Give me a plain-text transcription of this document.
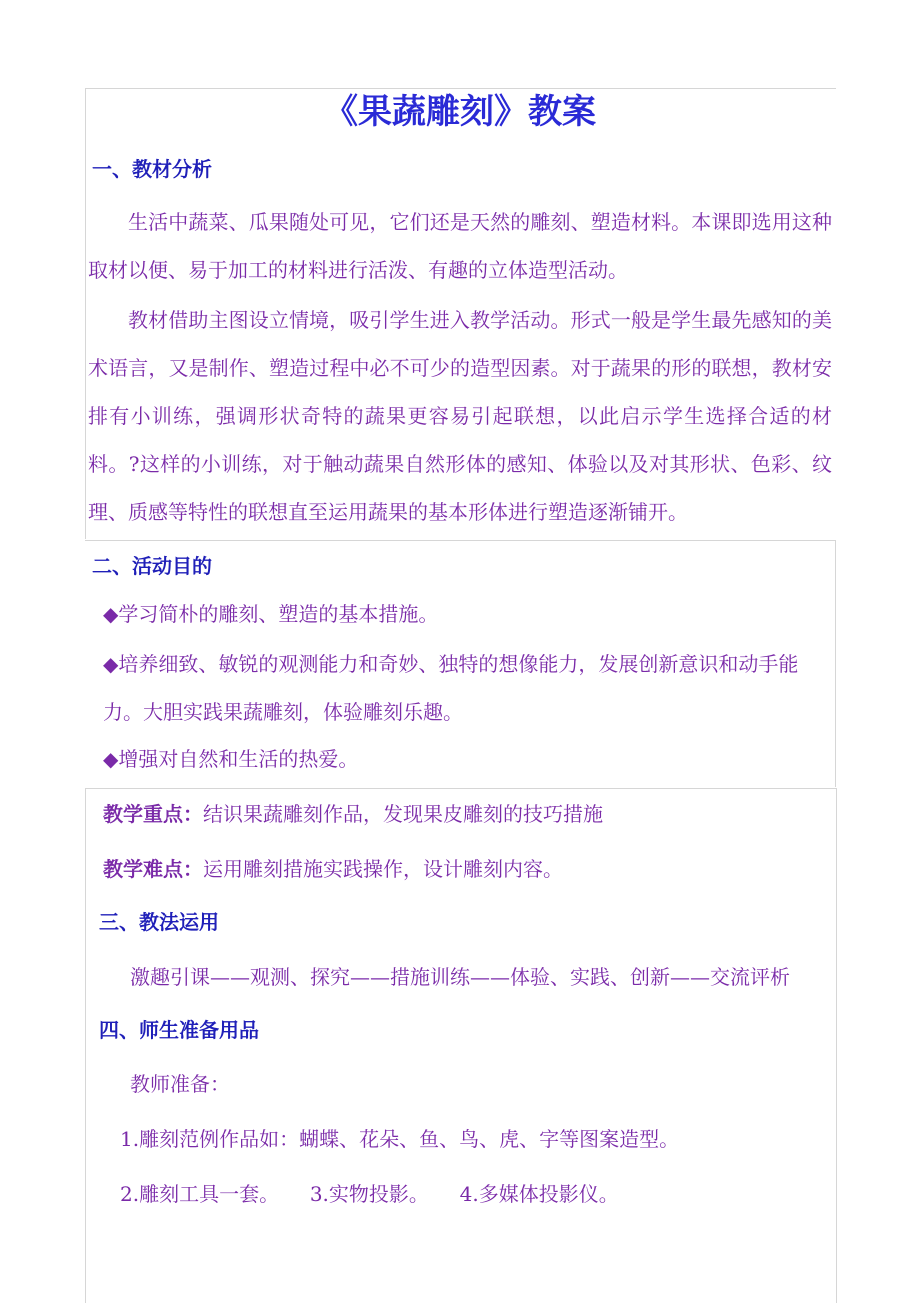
《果蔬雕刻》教案
一、教材分析

生活中蔬菜、瓜果随处可见，它们还是天然的雕刻、塑造材料。本课即选用这种取材以便、易于加工的材料进行活泼、有趣的立体造型活动。

教材借助主图设立情境，吸引学生进入教学活动。形式一般是学生最先感知的美术语言，又是制作、塑造过程中必不可少的造型因素。对于蔬果的形的联想，教材安排有小训练，强调形状奇特的蔬果更容易引起联想，以此启示学生选择合适的材料。?这样的小训练，对于触动蔬果自然形体的感知、体验以及对其形状、色彩、纹理、质感等特性的联想直至运用蔬果的基本形体进行塑造逐渐铺开。

二、活动目的
◆学习简朴的雕刻、塑造的基本措施。
◆培养细致、敏锐的观测能力和奇妙、独特的想像能力，发展创新意识和动手能
力。大胆实践果蔬雕刻，体验雕刻乐趣。
◆增强对自然和生活的热爱。
教学重点：结识果蔬雕刻作品，发现果皮雕刻的技巧措施
教学难点：运用雕刻措施实践操作，设计雕刻内容。
三、教法运用
激趣引课——观测、探究——措施训练——体验、实践、创新——交流评析
四、师生准备用品
教师准备：
1.雕刻范例作品如：蝴蝶、花朵、鱼、鸟、虎、字等图案造型。
2.雕刻工具一套。 3.实物投影。 4.多媒体投影仪。
